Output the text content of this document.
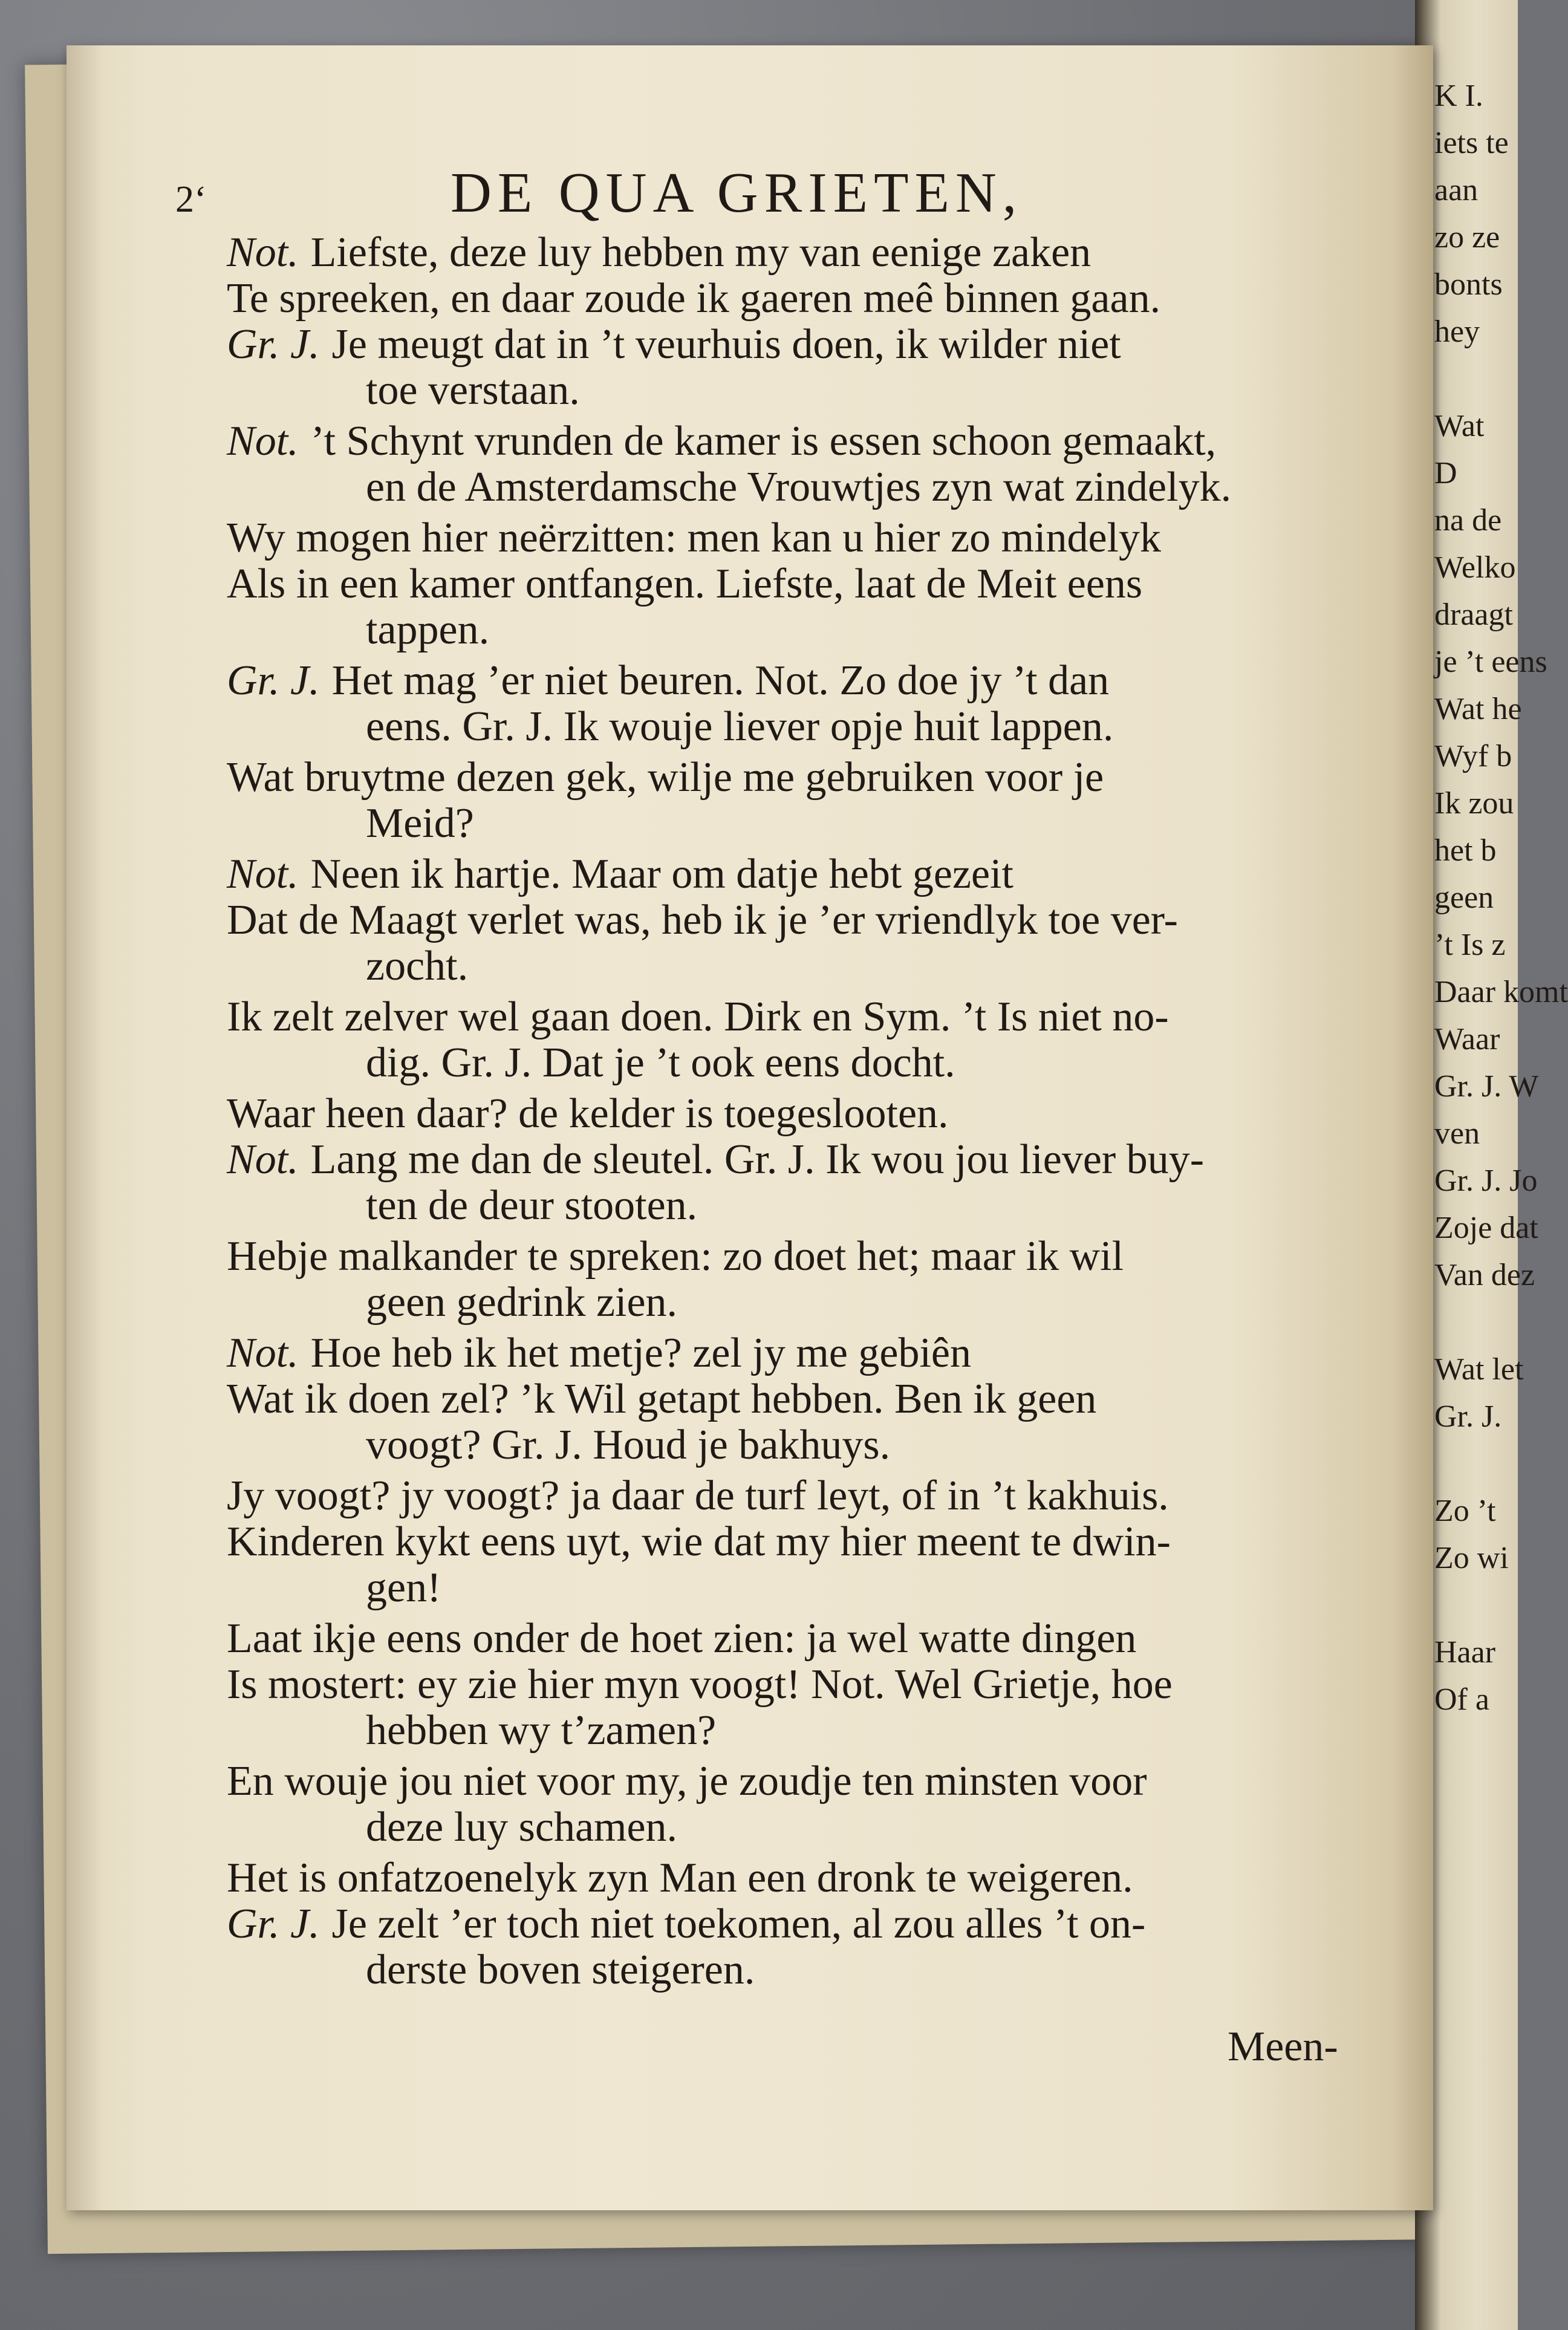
K I.
iets te
aan
zo ze
bonts
hey

Wat
D
na de
Welko
draagt
je ’t eens
Wat he
Wyf b
Ik zou
het b
geen
’t Is z
Daar komt
Waar
Gr. J. W
ven
Gr. J. Jo
Zoje dat
Van dez

Wat let
Gr. J.

Zo ’t
Zo wi

Haar
Of a
2‘	DE QUA GRIETEN,
Not. Liefste, deze luy hebben my van eenige zaken
Te spreeken, en daar zoude ik gaeren meê binnen gaan.
Gr. J. Je meugt dat in ’t veurhuis doen, ik wilder niet
toe verstaan.
Not. ’t Schynt vrunden de kamer is essen schoon gemaakt,
en de Amsterdamsche Vrouwtjes zyn wat zindelyk.
Wy mogen hier neërzitten: men kan u hier zo mindelyk
Als in een kamer ontfangen. Liefste, laat de Meit eens
tappen.
Gr. J. Het mag ’er niet beuren. Not. Zo doe jy ’t dan
eens. Gr. J. Ik wouje liever opje huit lappen.
Wat bruytme dezen gek, wilje me gebruiken voor je
Meid?
Not. Neen ik hartje. Maar om datje hebt gezeit
Dat de Maagt verlet was, heb ik je ’er vriendlyk toe ver-
zocht.
Ik zelt zelver wel gaan doen. Dirk en Sym. ’t Is niet no-
dig. Gr. J. Dat je ’t ook eens docht.
Waar heen daar? de kelder is toegeslooten.
Not. Lang me dan de sleutel. Gr. J. Ik wou jou liever buy-
ten de deur stooten.
Hebje malkander te spreken: zo doet het; maar ik wil
geen gedrink zien.
Not. Hoe heb ik het metje? zel jy me gebiên
Wat ik doen zel? ’k Wil getapt hebben. Ben ik geen
voogt? Gr. J. Houd je bakhuys.
Jy voogt? jy voogt? ja daar de turf leyt, of in ’t kakhuis.
Kinderen kykt eens uyt, wie dat my hier meent te dwin-
gen!
Laat ikje eens onder de hoet zien: ja wel watte dingen
Is mostert: ey zie hier myn voogt! Not. Wel Grietje, hoe
hebben wy t’zamen?
En wouje jou niet voor my, je zoudje ten minsten voor
deze luy schamen.
Het is onfatzoenelyk zyn Man een dronk te weigeren.
Gr. J. Je zelt ’er toch niet toekomen, al zou alles ’t on-
derste boven steigeren.
Meen-
